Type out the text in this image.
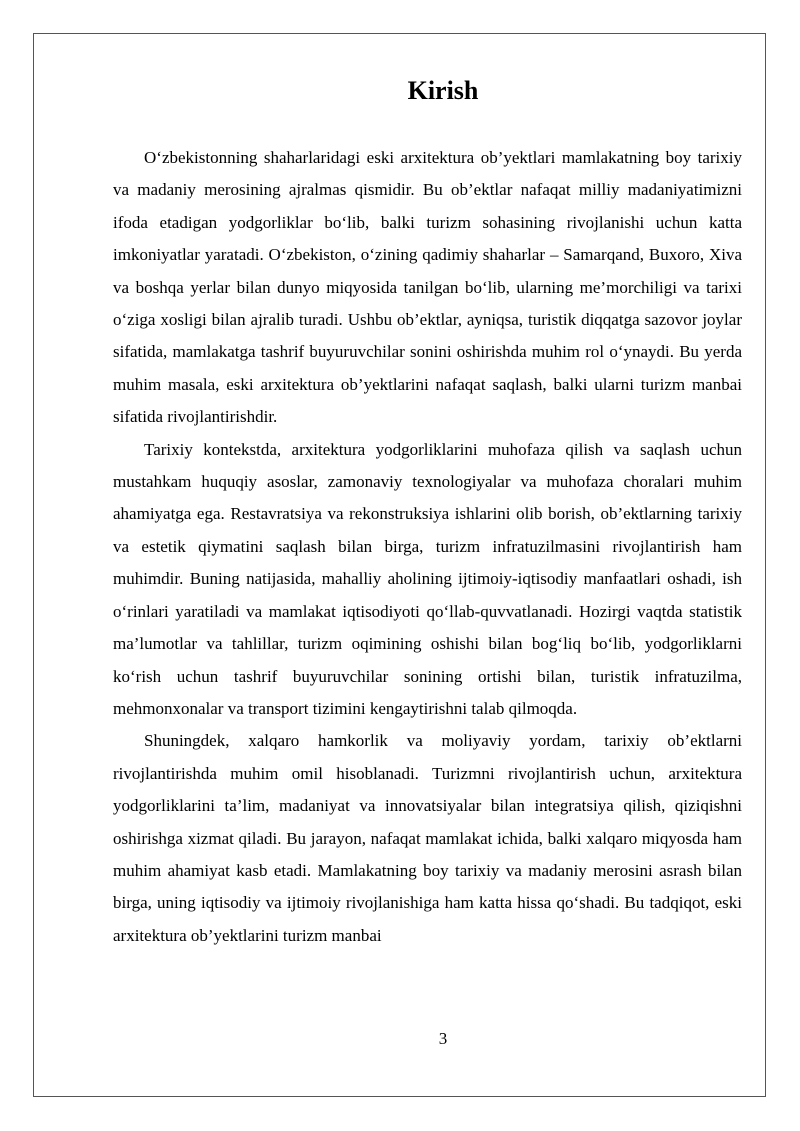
Kirish

O‘zbekistonning shaharlaridagi eski arxitektura ob’yektlari mamlakatning boy tarixiy va madaniy merosining ajralmas qismidir. Bu ob’ektlar nafaqat milliy madaniyatimizni ifoda etadigan yodgorliklar bo‘lib, balki turizm sohasining rivojlanishi uchun katta imkoniyatlar yaratadi. O‘zbekiston, o‘zining qadimiy shaharlar – Samarqand, Buxoro, Xiva va boshqa yerlar bilan dunyo miqyosida tanilgan bo‘lib, ularning me’morchiligi va tarixi o‘ziga xosligi bilan ajralib turadi. Ushbu ob’ektlar, ayniqsa, turistik diqqatga sazovor joylar sifatida, mamlakatga tashrif buyuruvchilar sonini oshirishda muhim rol o‘ynaydi. Bu yerda muhim masala, eski arxitektura ob’yektlarini nafaqat saqlash, balki ularni turizm manbai sifatida rivojlantirishdir.

Tarixiy kontekstda, arxitektura yodgorliklarini muhofaza qilish va saqlash uchun mustahkam huquqiy asoslar, zamonaviy texnologiyalar va muhofaza choralari muhim ahamiyatga ega. Restavratsiya va rekonstruksiya ishlarini olib borish, ob’ektlarning tarixiy va estetik qiymatini saqlash bilan birga, turizm infratuzilmasini rivojlantirish ham muhimdir. Buning natijasida, mahalliy aholining ijtimoiy-iqtisodiy manfaatlari oshadi, ish o‘rinlari yaratiladi va mamlakat iqtisodiyoti qo‘llab-quvvatlanadi. Hozirgi vaqtda statistik ma’lumotlar va tahlillar, turizm oqimining oshishi bilan bog‘liq bo‘lib, yodgorliklarni ko‘rish uchun tashrif buyuruvchilar sonining ortishi bilan, turistik infratuzilma, mehmonxonalar va transport tizimini kengaytirishni talab qilmoqda.

Shuningdek, xalqaro hamkorlik va moliyaviy yordam, tarixiy ob’ektlarni rivojlantirishda muhim omil hisoblanadi. Turizmni rivojlantirish uchun, arxitektura yodgorliklarini ta’lim, madaniyat va innovatsiyalar bilan integratsiya qilish, qiziqishni oshirishga xizmat qiladi. Bu jarayon, nafaqat mamlakat ichida, balki xalqaro miqyosda ham muhim ahamiyat kasb etadi. Mamlakatning boy tarixiy va madaniy merosini asrash bilan birga, uning iqtisodiy va ijtimoiy rivojlanishiga ham katta hissa qo‘shadi. Bu tadqiqot, eski arxitektura ob’yektlarini turizm manbai

3
